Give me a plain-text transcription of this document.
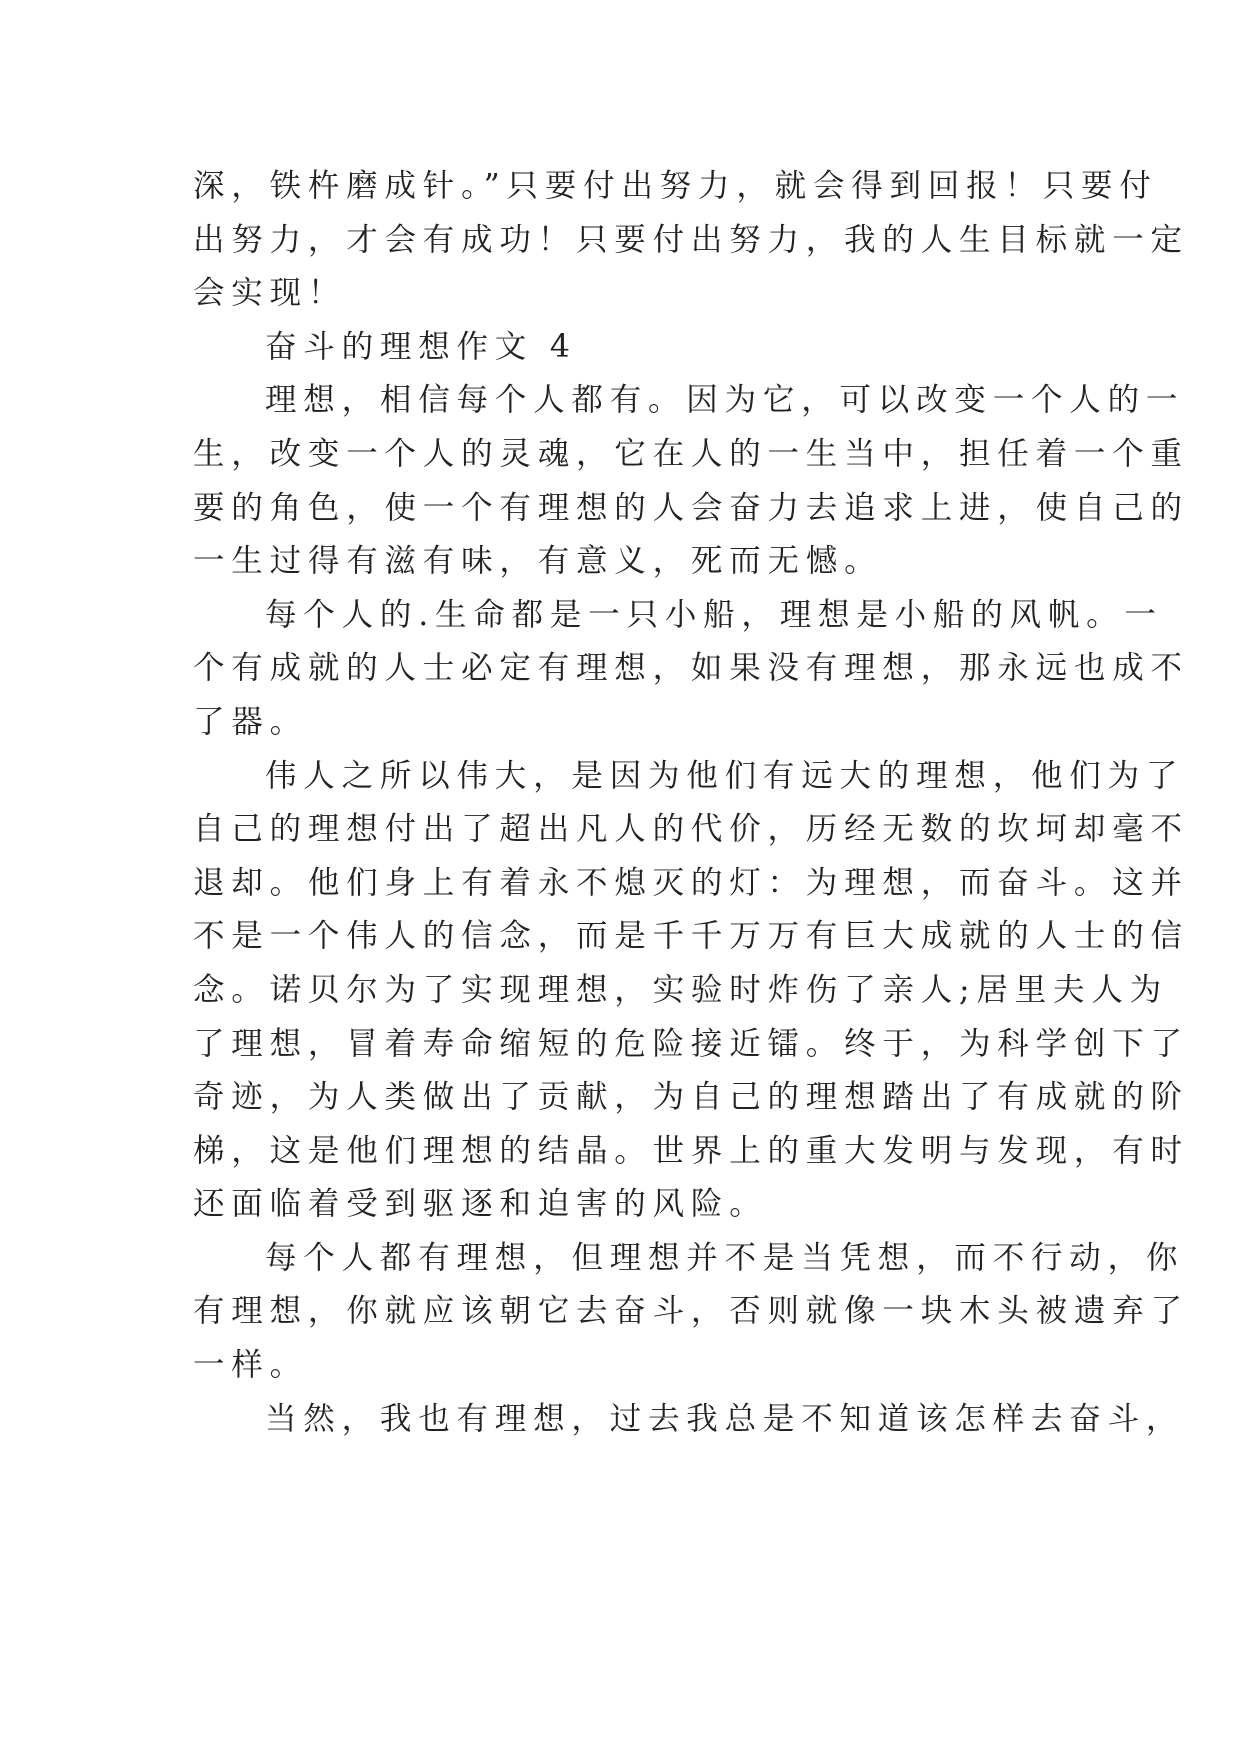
深，铁杵磨成针。”只要付出努力，就会得到回报！只要付
出努力，才会有成功！只要付出努力，我的人生目标就一定
会实现！
奋斗的理想作文 4
理想，相信每个人都有。因为它，可以改变一个人的一
生，改变一个人的灵魂，它在人的一生当中，担任着一个重
要的角色，使一个有理想的人会奋力去追求上进，使自己的
一生过得有滋有味，有意义，死而无憾。
每个人的.生命都是一只小船，理想是小船的风帆。一
个有成就的人士必定有理想，如果没有理想，那永远也成不
了器。
伟人之所以伟大，是因为他们有远大的理想，他们为了
自己的理想付出了超出凡人的代价，历经无数的坎坷却毫不
退却。他们身上有着永不熄灭的灯：为理想，而奋斗。这并
不是一个伟人的信念，而是千千万万有巨大成就的人士的信
念。诺贝尔为了实现理想，实验时炸伤了亲人;居里夫人为
了理想，冒着寿命缩短的危险接近镭。终于，为科学创下了
奇迹，为人类做出了贡献，为自己的理想踏出了有成就的阶
梯，这是他们理想的结晶。世界上的重大发明与发现，有时
还面临着受到驱逐和迫害的风险。
每个人都有理想，但理想并不是当凭想，而不行动，你
有理想，你就应该朝它去奋斗，否则就像一块木头被遗弃了
一样。
当然，我也有理想，过去我总是不知道该怎样去奋斗，
